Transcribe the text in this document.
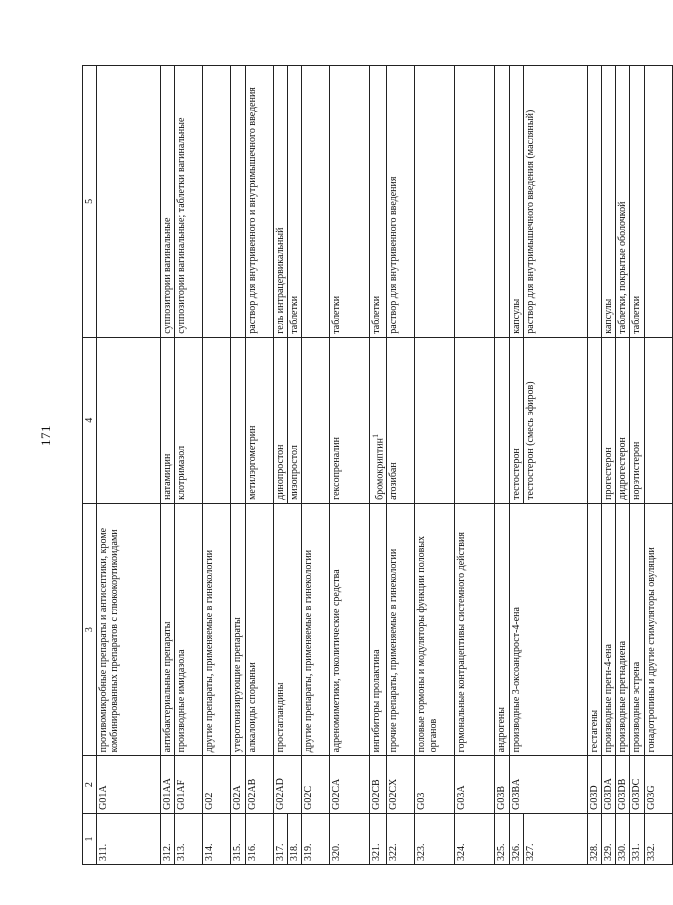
171
1	2	3	4	5
311.	G01A	противомикробные препараты и антисептики, кроме комбинированных препаратов с глюкокортикоидами		
312.	G01AA	антибактериальные препараты	натамицин	суппозитории вагинальные
313.	G01AF	производные имидазола	клотримазол	суппозитории вагинальные; таблетки вагинальные
314.	G02	другие препараты, применяемые в гинекологии		
315.	G02A	утеротонизирующие препараты		
316.	G02AB	алкалоиды спорыньи	метилэргометрин	раствор для внутривенного и внутримышечного введения
317.	G02AD	простагландины	динопростон	гель интрацервикальный
318.			мизопростол	таблетки
319.	G02C	другие препараты, применяемые в гинекологии		
320.	G02CA	адреномиметики, токолитические средства	гексопреналин	таблетки
321.	G02CB	ингибиторы пролактина	бромокриптин$^1$	таблетки
322.	G02CX	прочие препараты, применяемые в гинекологии	атозибан	раствор для внутривенного введения
323.	G03	половые гормоны и модуляторы функции половых органов		
324.	G03A	гормональные контрацептивы системного действия		
325.	G03B	андрогены		
326.	G03BA	производные 3-оксоандрост-4-ена	тестостерон	капсулы
327.			тестостерон (смесь эфиров)	раствор для внутримышечного введения (масляный)
328.	G03D	гестагены		
329.	G03DA	производные прегн-4-ена	прогестерон	капсулы
330.	G03DB	производные прегнадиена	дидрогестерон	таблетки, покрытые оболочкой
331.	G03DC	производные эстрена	норэтистерон	таблетки
332.	G03G	гонадотропины и другие стимуляторы овуляции		
